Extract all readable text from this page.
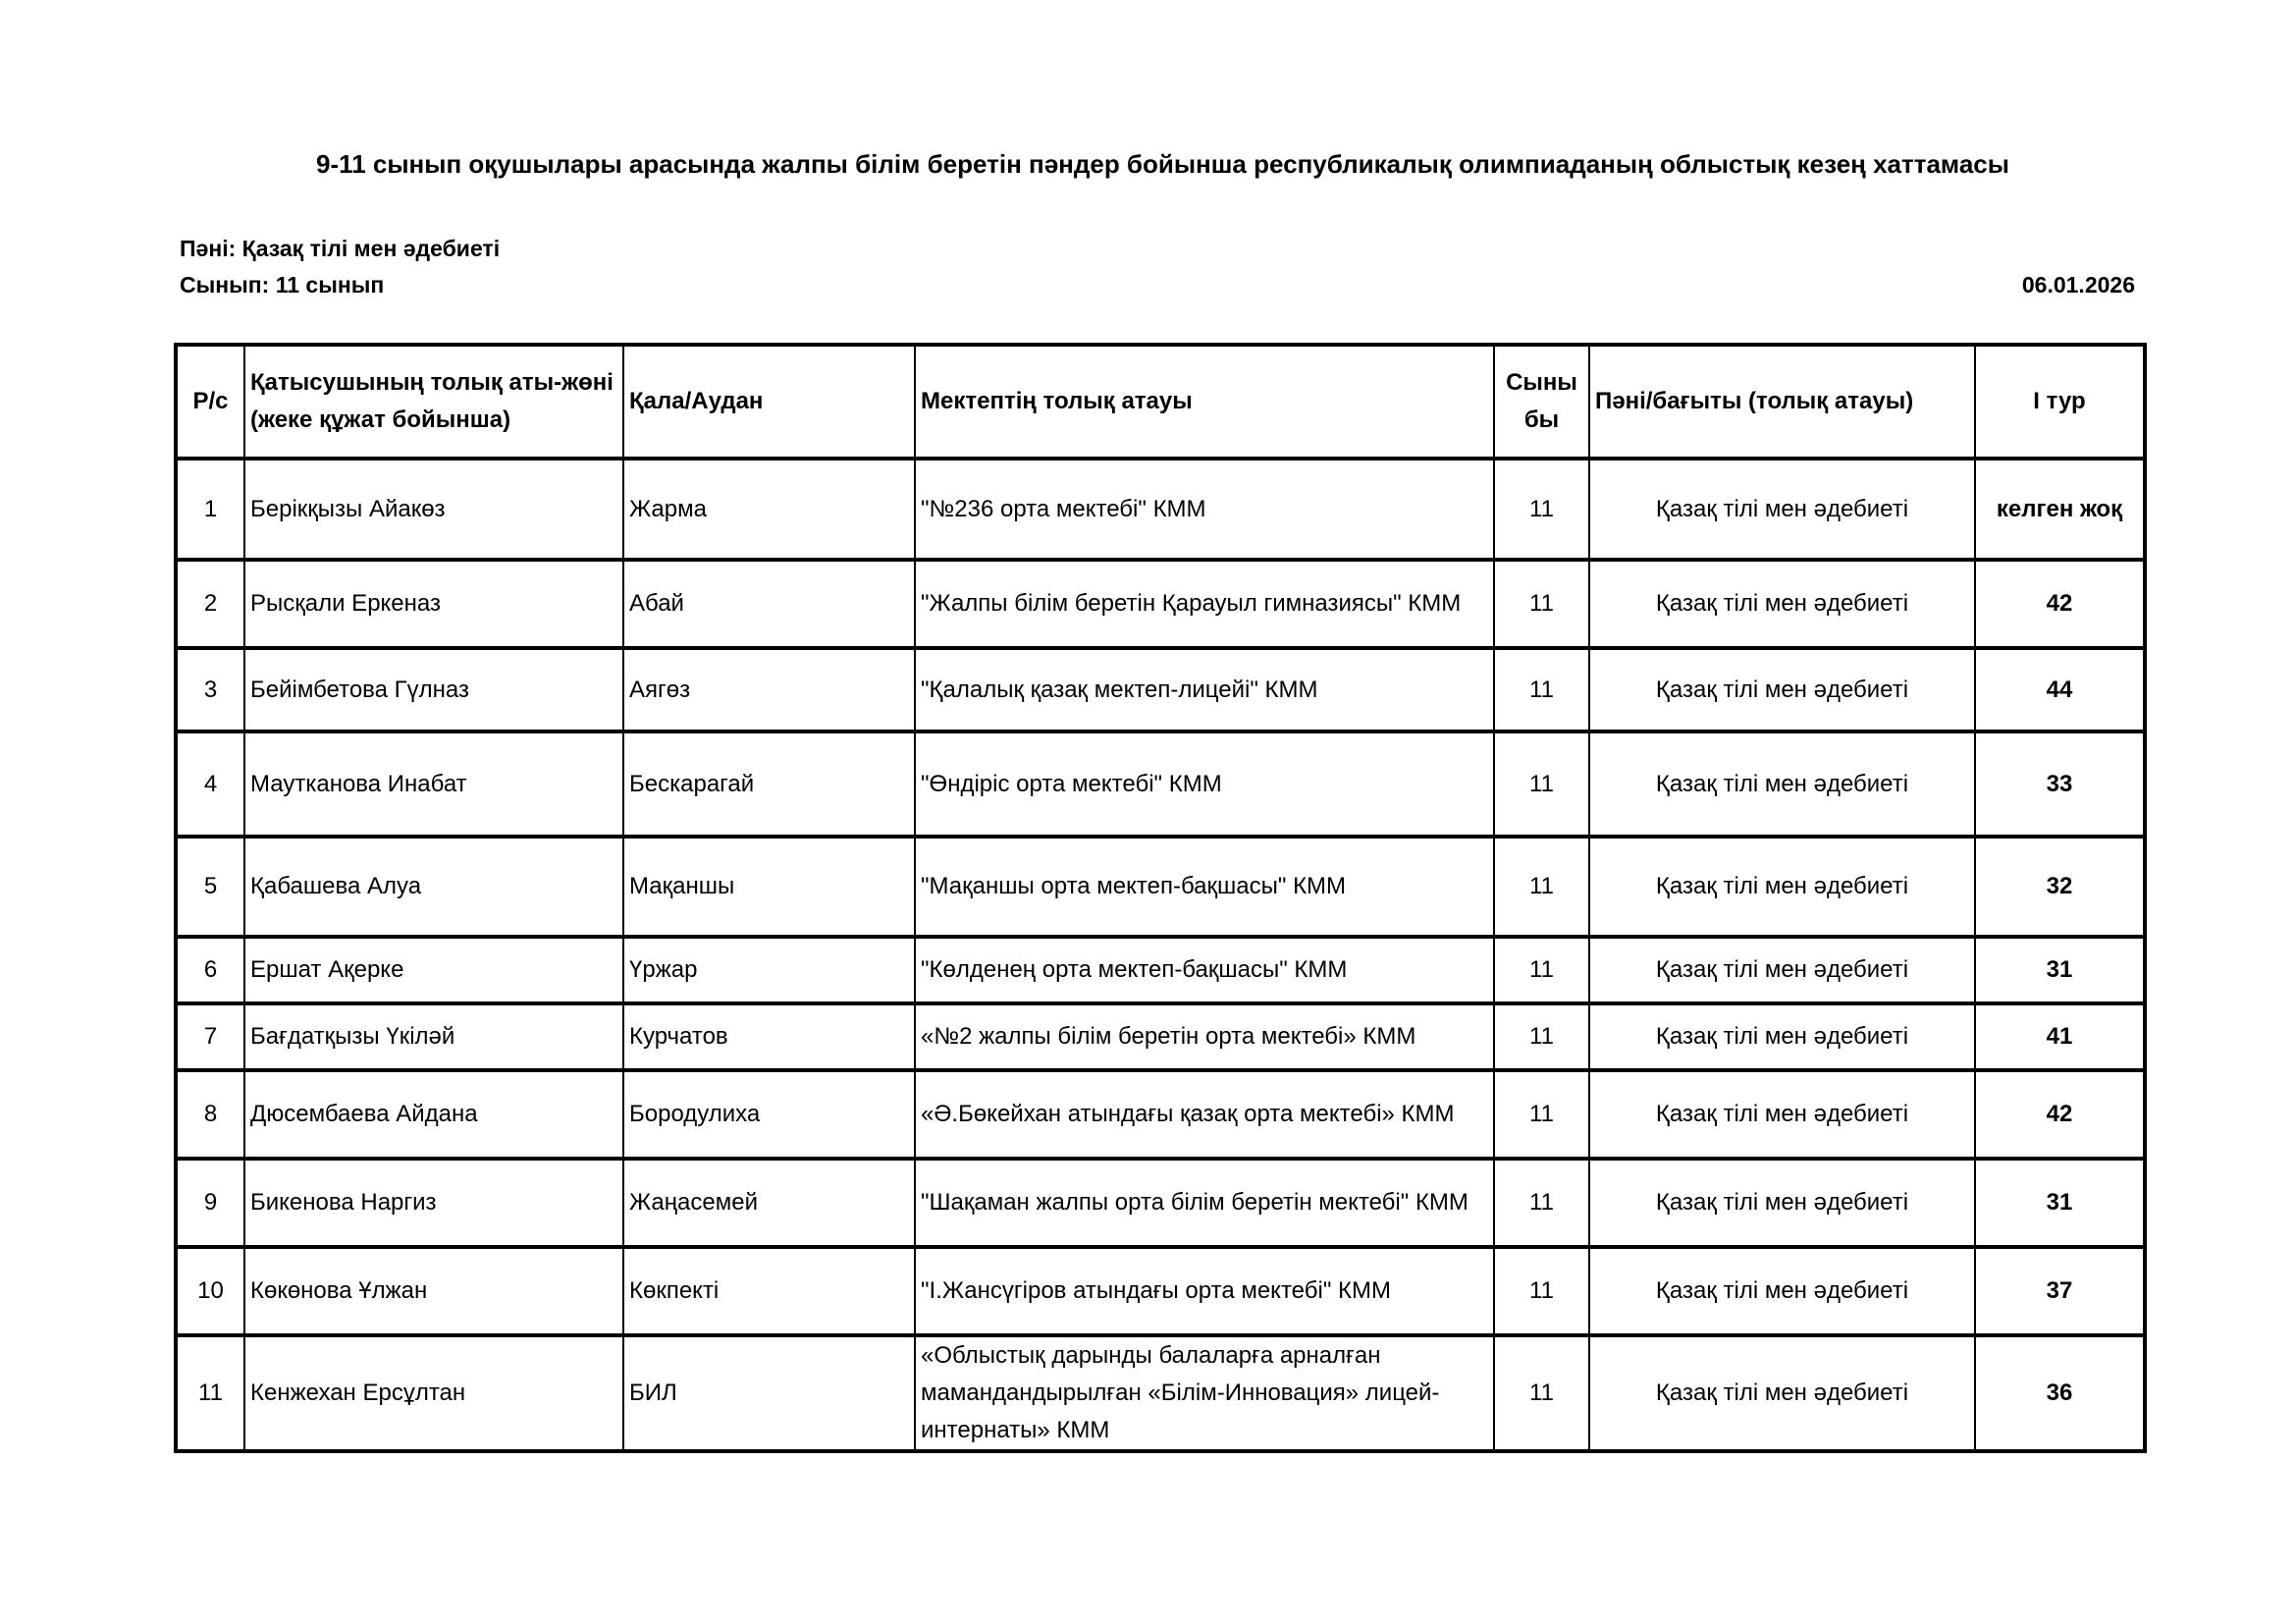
9-11 сынып оқушылары арасында жалпы білім беретін пәндер бойынша республикалық олимпиаданың облыстық кезең хаттамасы
Пәні: Қазақ тілі мен әдебиеті
Сынып: 11 сынып	06.01.2026
Р/с	Қатысушының толық аты-жөні (жеке құжат бойынша)	Қала/Аудан	Мектептің толық атауы	Сыныбы	Пәні/бағыты (толық атауы)	I тур
1	Берікқызы Айакөз	Жарма	"№236 орта мектебі" КММ	11	Қазақ тілі мен әдебиеті	келген жоқ
2	Рысқали Еркеназ	Абай	"Жалпы білім беретін Қарауыл гимназиясы" КММ	11	Қазақ тілі мен әдебиеті	42
3	Бейімбетова Гүлназ	Аягөз	"Қалалық қазақ мектеп-лицейі" КММ	11	Қазақ тілі мен әдебиеті	44
4	Маутканова Инабат	Бескарагай	"Өндіріс орта мектебі" КММ	11	Қазақ тілі мен әдебиеті	33
5	Қабашева Алуа	Мақаншы	"Мақаншы орта мектеп-бақшасы" КММ	11	Қазақ тілі мен әдебиеті	32
6	Ершат Ақерке	Үржар	"Көлденең орта мектеп-бақшасы" КММ	11	Қазақ тілі мен әдебиеті	31
7	Бағдатқызы Үкіләй	Курчатов	«№2 жалпы білім беретін орта мектебі» КММ	11	Қазақ тілі мен әдебиеті	41
8	Дюсембаева Айдана	Бородулиха	«Ә.Бөкейхан атындағы қазақ орта мектебі» КММ	11	Қазақ тілі мен әдебиеті	42
9	Бикенова Наргиз	Жаңасемей	"Шақаман жалпы орта білім беретін мектебі" КММ	11	Қазақ тілі мен әдебиеті	31
10	Көкөнова Ұлжан	Көкпекті	"І.Жансүгіров атындағы орта мектебі" КММ	11	Қазақ тілі мен әдебиеті	37
11	Кенжехан Ерсұлтан	БИЛ	«Облыстық дарынды балаларға арналған мамандандырылған «Білім-Инновация» лицей-интернаты» КММ	11	Қазақ тілі мен әдебиеті	36
